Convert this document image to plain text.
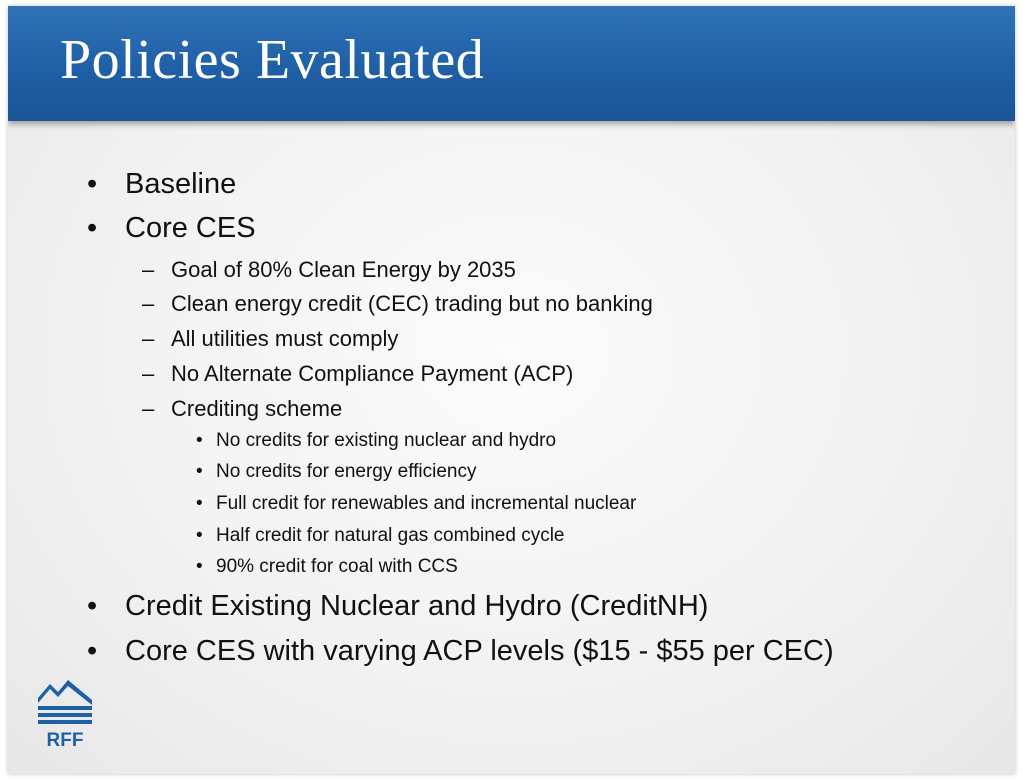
Policies Evaluated
• Baseline
• Core CES
– Goal of 80% Clean Energy by 2035
– Clean energy credit (CEC) trading but no banking
– All utilities must comply
– No Alternate Compliance Payment (ACP)
– Crediting scheme
• No credits for existing nuclear and hydro
• No credits for energy efficiency
• Full credit for renewables and incremental nuclear
• Half credit for natural gas combined cycle
• 90% credit for coal with CCS
• Credit Existing Nuclear and Hydro (CreditNH)
• Core CES with varying ACP levels ($15 - $55 per CEC)
RFF
